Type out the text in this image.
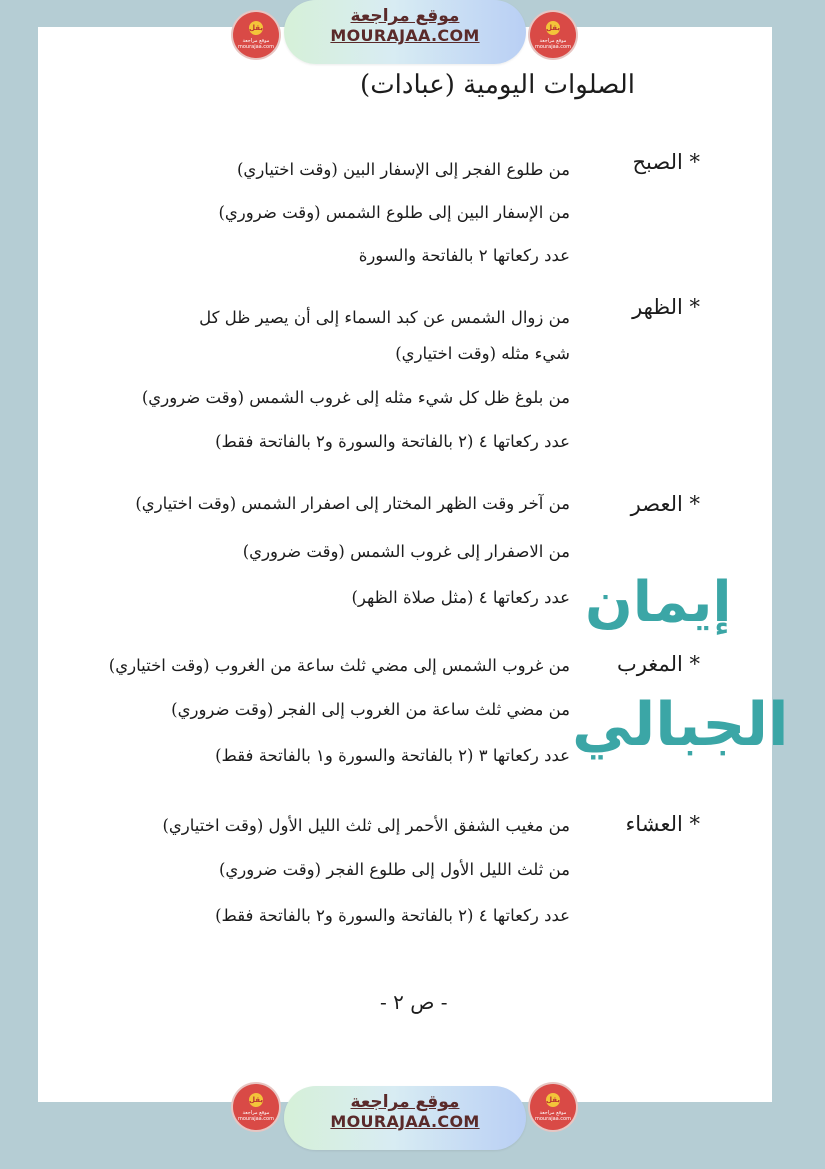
بقل
موقع مراجعة mourajaa.com
موقع مراجعة
MOURAJAA.COM	بقل
موقع مراجعة mourajaa.com
الصلوات اليومية (عبادات)
* الصبح
من طلوع الفجر إلى الإسفار البين (وقت اختياري)
من الإسفار البين إلى طلوع الشمس (وقت ضروري)
عدد ركعاتها ٢ بالفاتحة والسورة
* الظهر
من زوال الشمس عن كبد السماء إلى أن يصير ظل كل
شيء مثله (وقت اختياري)
من بلوغ ظل كل شيء مثله إلى غروب الشمس (وقت ضروري)
عدد ركعاتها ٤ (٢ بالفاتحة والسورة و٢ بالفاتحة فقط)
* العصر
من آخر وقت الظهر المختار إلى اصفرار الشمس (وقت اختياري)
من الاصفرار إلى غروب الشمس (وقت ضروري)
عدد ركعاتها ٤ (مثل صلاة الظهر)
* المغرب
من غروب الشمس إلى مضي ثلث ساعة من الغروب (وقت اختياري)
من مضي ثلث ساعة من الغروب إلى الفجر (وقت ضروري)
عدد ركعاتها ٣ (٢ بالفاتحة والسورة و١ بالفاتحة فقط)
* العشاء
من مغيب الشفق الأحمر إلى ثلث الليل الأول (وقت اختياري)
من ثلث الليل الأول إلى طلوع الفجر (وقت ضروري)
عدد ركعاتها ٤ (٢ بالفاتحة والسورة و٢ بالفاتحة فقط)
إيمان
الجبالي
- ص ٢ -
بقل
موقع مراجعة mourajaa.com
موقع مراجعة
MOURAJAA.COM
بقل
موقع مراجعة mourajaa.com
